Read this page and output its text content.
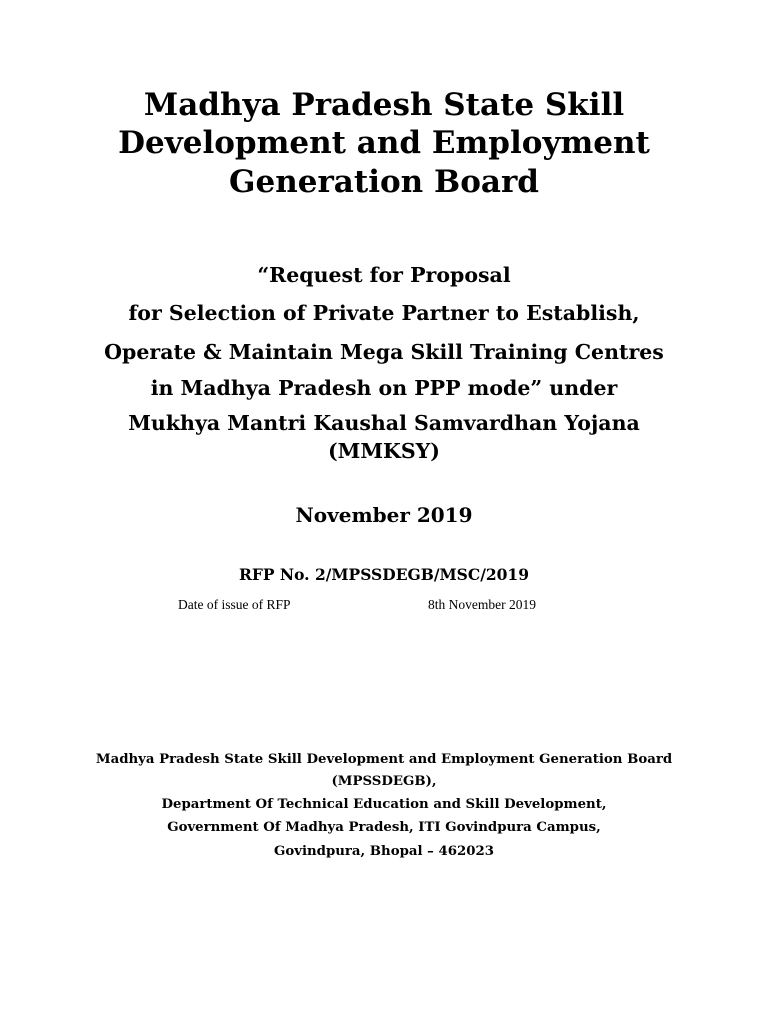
Madhya Pradesh State Skill
Development and Employment
Generation Board
“Request for Proposal
for Selection of Private Partner to Establish,
Operate & Maintain Mega Skill Training Centres
in Madhya Pradesh on PPP mode” under
Mukhya Mantri Kaushal Samvardhan Yojana
(MMKSY)
November 2019
RFP No. 2/MPSSDEGB/MSC/2019
Date of issue of RFP	8th November 2019
Madhya Pradesh State Skill Development and Employment Generation Board
(MPSSDEGB),
Department Of Technical Education and Skill Development,
Government Of Madhya Pradesh, ITI Govindpura Campus,
Govindpura, Bhopal – 462023
